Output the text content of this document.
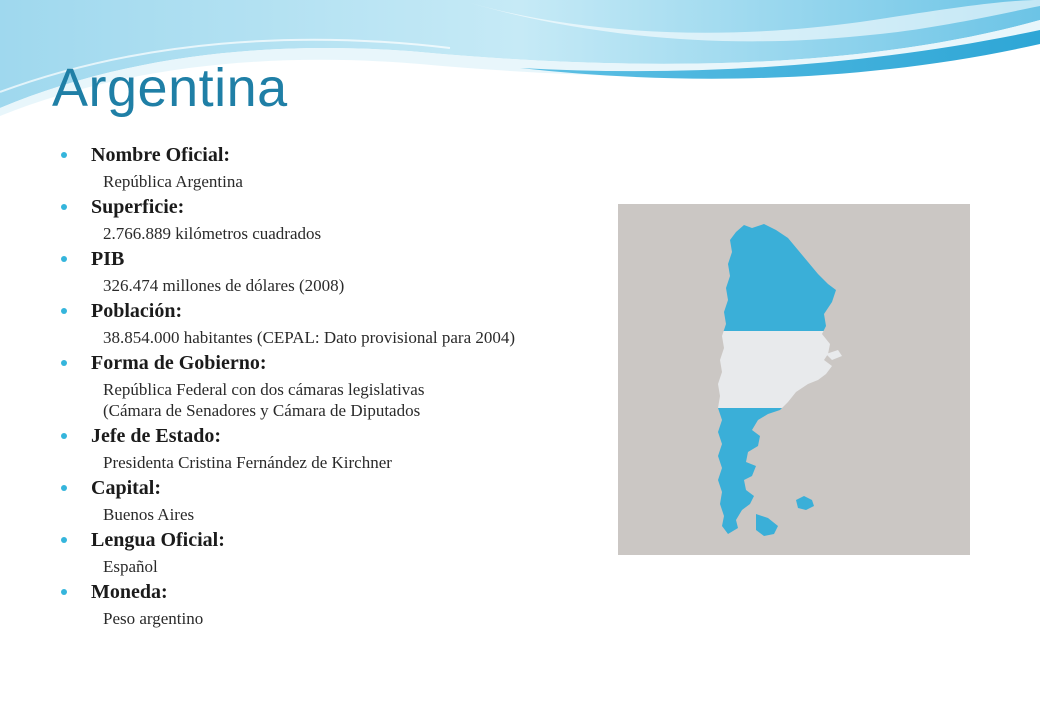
Argentina
Nombre Oficial:
República Argentina
Superficie:
2.766.889 kilómetros cuadrados
PIB
326.474 millones de dólares (2008)
Población:
38.854.000 habitantes (CEPAL: Dato provisional para 2004)
Forma de Gobierno:
República Federal con dos cámaras legislativas
(Cámara de Senadores y Cámara de Diputados
Jefe de Estado:
Presidenta Cristina Fernández de Kirchner
Capital:
Buenos Aires
Lengua Oficial:
Español
Moneda:
Peso argentino
